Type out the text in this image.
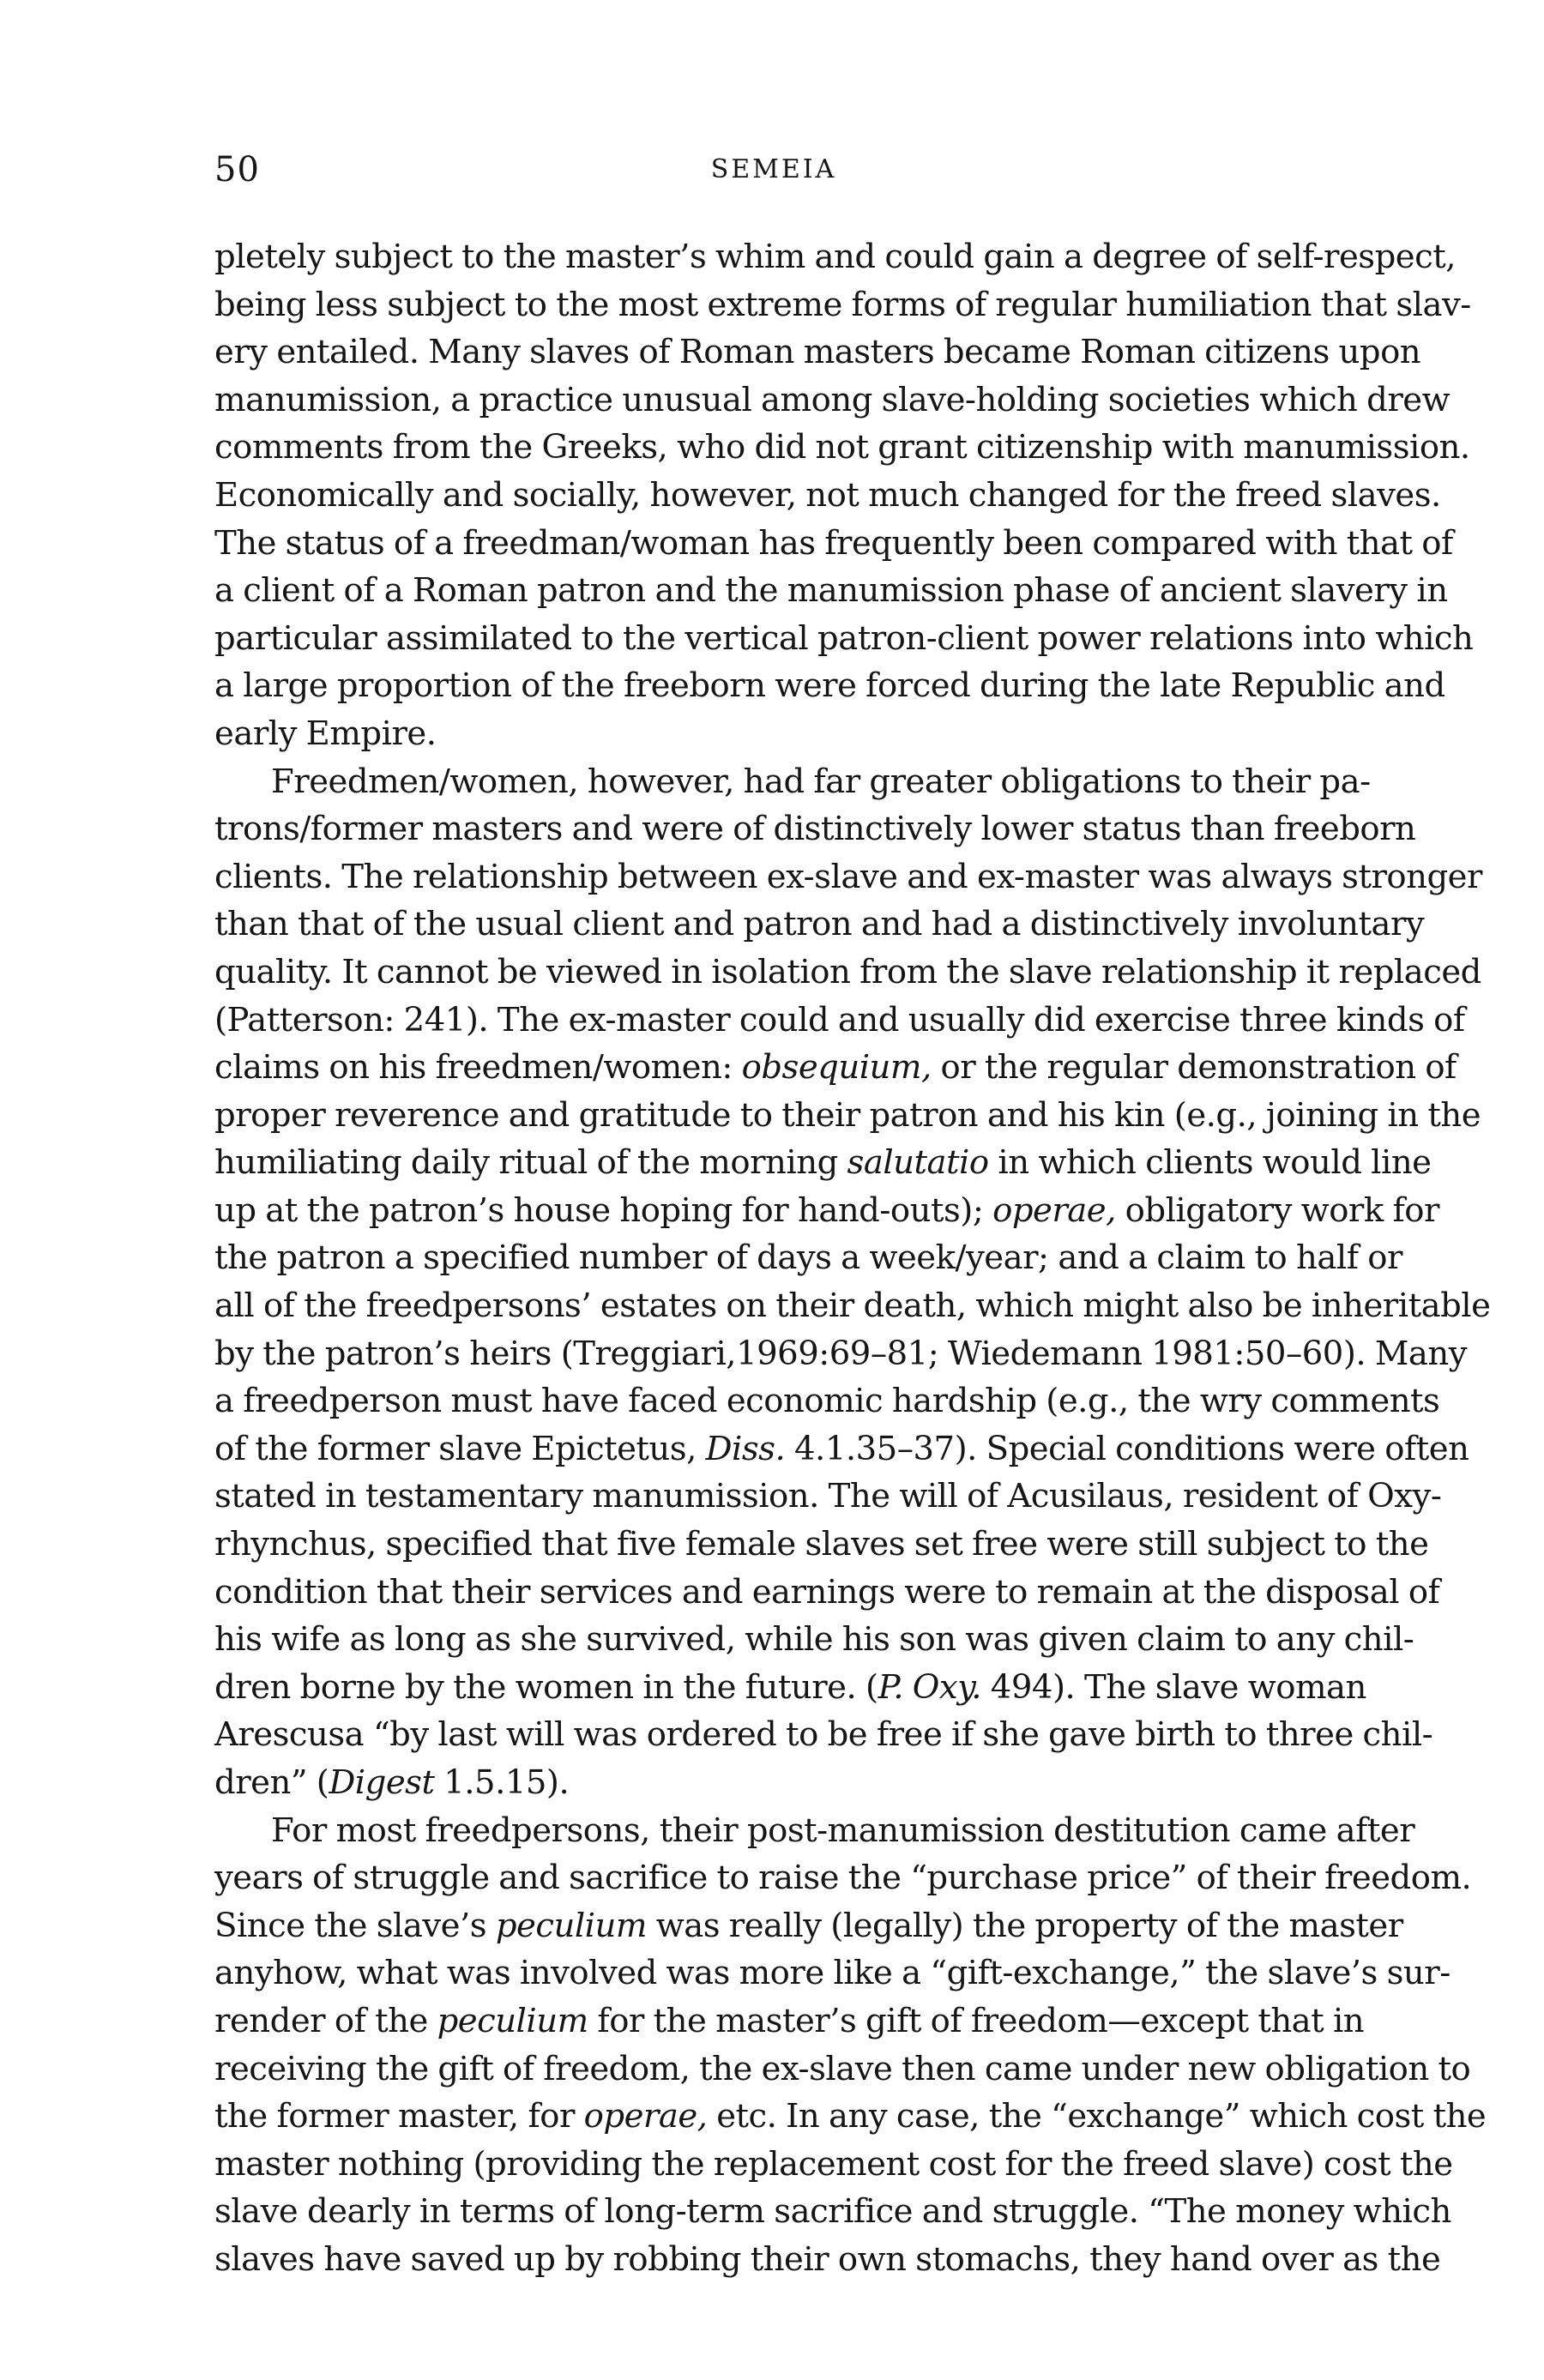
50	SEMEIA
pletely subject to the master’s whim and could gain a degree of self-respect,
being less subject to the most extreme forms of regular humiliation that slav-
ery entailed. Many slaves of Roman masters became Roman citizens upon
manumission, a practice unusual among slave-holding societies which drew
comments from the Greeks, who did not grant citizenship with manumission.
Economically and socially, however, not much changed for the freed slaves.
The status of a freedman/woman has frequently been compared with that of
a client of a Roman patron and the manumission phase of ancient slavery in
particular assimilated to the vertical patron-client power relations into which
a large proportion of the freeborn were forced during the late Republic and
early Empire.
Freedmen/women, however, had far greater obligations to their pa-
trons/former masters and were of distinctively lower status than freeborn
clients. The relationship between ex-slave and ex-master was always stronger
than that of the usual client and patron and had a distinctively involuntary
quality. It cannot be viewed in isolation from the slave relationship it replaced
(Patterson: 241). The ex-master could and usually did exercise three kinds of
claims on his freedmen/women: obsequium, or the regular demonstration of
proper reverence and gratitude to their patron and his kin (e.g., joining in the
humiliating daily ritual of the morning salutatio in which clients would line
up at the patron’s house hoping for hand-outs); operae, obligatory work for
the patron a specified number of days a week/year; and a claim to half or
all of the freedpersons’ estates on their death, which might also be inheritable
by the patron’s heirs (Treggiari,1969:69–81; Wiedemann 1981:50–60). Many
a freedperson must have faced economic hardship (e.g., the wry comments
of the former slave Epictetus, Diss. 4.1.35–37). Special conditions were often
stated in testamentary manumission. The will of Acusilaus, resident of Oxy-
rhynchus, specified that five female slaves set free were still subject to the
condition that their services and earnings were to remain at the disposal of
his wife as long as she survived, while his son was given claim to any chil-
dren borne by the women in the future. (P. Oxy. 494). The slave woman
Arescusa “by last will was ordered to be free if she gave birth to three chil-
dren” (Digest 1.5.15).
For most freedpersons, their post-manumission destitution came after
years of struggle and sacrifice to raise the “purchase price” of their freedom.
Since the slave’s peculium was really (legally) the property of the master
anyhow, what was involved was more like a “gift-exchange,” the slave’s sur-
render of the peculium for the master’s gift of freedom—except that in
receiving the gift of freedom, the ex-slave then came under new obligation to
the former master, for operae, etc. In any case, the “exchange” which cost the
master nothing (providing the replacement cost for the freed slave) cost the
slave dearly in terms of long-term sacrifice and struggle. “The money which
slaves have saved up by robbing their own stomachs, they hand over as the
